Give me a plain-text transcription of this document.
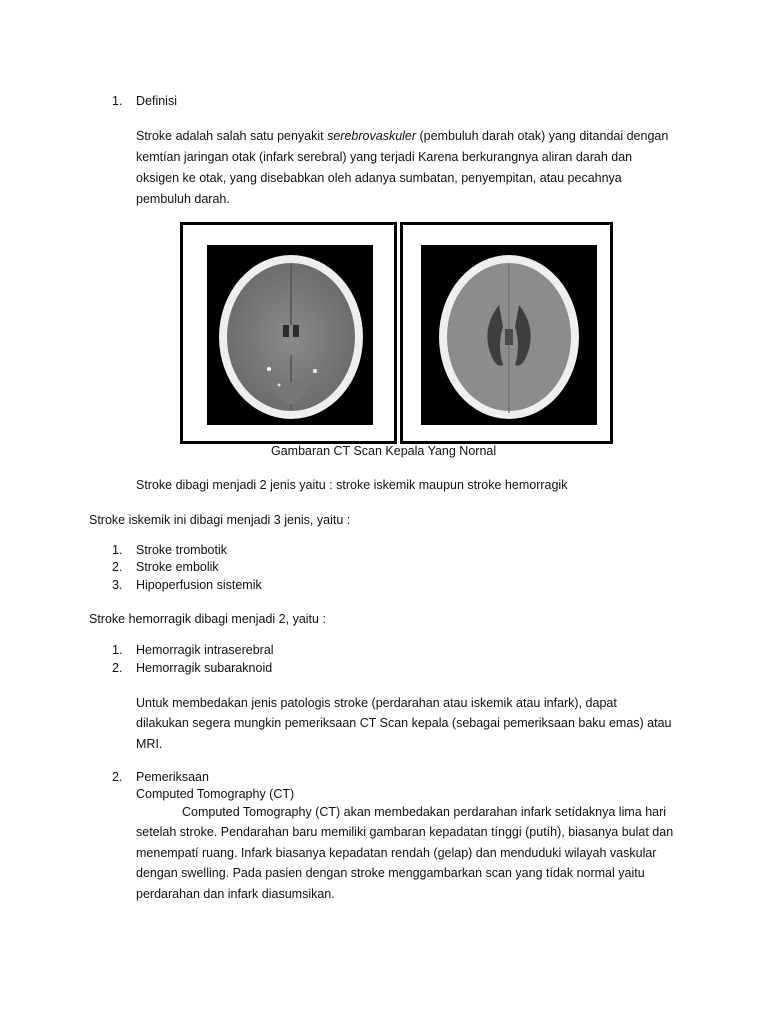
1. Definisi
Stroke adalah salah satu penyakit serebrovaskuler (pembuluh darah otak) yang ditandai dengan
kemtían jaringan otak (infark serebral) yang terjadi Karena berkurangnya aliran darah dan
oksigen ke otak, yang disebabkan oleh adanya sumbatan, penyempitan, atau pecahnya
pembuluh darah.
Gambaran CT Scan Kepala Yang Nornal
Stroke dibagi menjadi 2 jenis yaitu : stroke iskemik maupun stroke hemorragik
Stroke iskemik ini dibagi menjadi 3 jenis, yaitu :
1. Stroke trombotik
2. Stroke embolik
3. Hipoperfusion sistemik
Stroke hemorragik dibagi menjadi 2, yaitu :
1. Hemorragik intraserebral
2. Hemorragik subaraknoid
Untuk membedakan jenis patologis stroke (perdarahan atau iskemik atau infark), dapat
dilakukan segera mungkin pemeriksaan CT Scan kepala (sebagai pemeriksaan baku emas) atau
MRI.
2. Pemeriksaan
Computed Tomography (CT)
Computed Tomography (CT) akan membedakan perdarahan infark setídaknya lima hari
setelah stroke. Pendarahan baru memiliki gambaran kepadatan tínggi (putíh), biasanya bulat dan
menempatí ruang. Infark biasanya kepadatan rendah (gelap) dan menduduki wilayah vaskular
dengan swelling. Pada pasien dengan stroke menggambarkan scan yang tídak normal yaitu
perdarahan dan infark diasumsikan.
